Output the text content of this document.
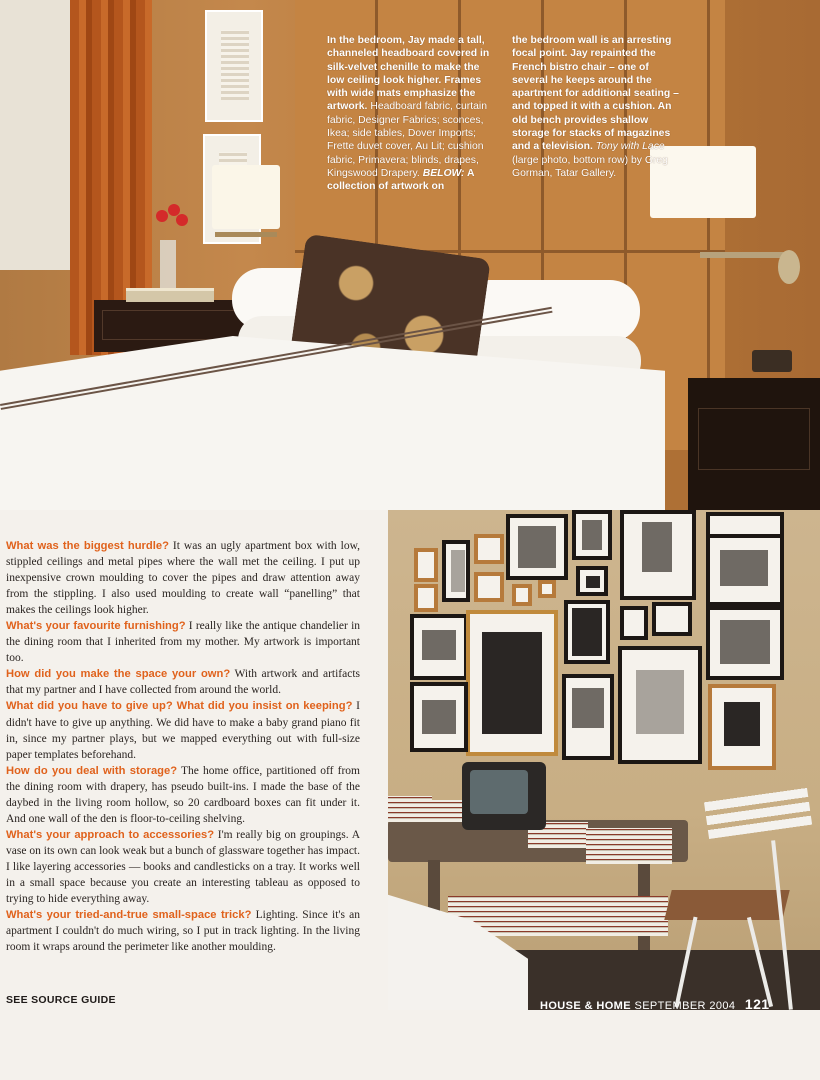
In the bedroom, Jay made a tall, channeled headboard covered in silk-velvet chenille to make the low ceiling look higher. Frames with wide mats emphasize the artwork. Headboard fabric, curtain fabric, Designer Fabrics; sconces, Ikea; side tables, Dover Imports; Frette duvet cover, Au Lit; cushion fabric, Primavera; blinds, drapes, Kingswood Drapery. BELOW: A collection of artwork on
the bedroom wall is an arresting focal point. Jay repainted the French bistro chair – one of several he keeps around the apartment for additional seating – and topped it with a cushion. An old bench provides shallow storage for stacks of magazines and a television. Tony with Lace (large photo, bottom row) by Greg Gorman, Tatar Gallery.

What was the biggest hurdle? It was an ugly apartment box with low, stippled ceilings and metal pipes where the wall met the ceiling. I put up inexpensive crown moulding to cover the pipes and draw attention away from the stippling. I also used moulding to create wall “panelling” that makes the ceilings look higher.

What's your favourite furnishing? I really like the antique chandelier in the dining room that I inherited from my mother. My artwork is important too.

How did you make the space your own? With artwork and artifacts that my partner and I have collected from around the world.

What did you have to give up? What did you insist on keeping? I didn't have to give up anything. We did have to make a baby grand piano fit in, since my partner plays, but we mapped everything out with full-size paper templates beforehand.

How do you deal with storage? The home office, partitioned off from the dining room with drapery, has pseudo built-ins. I made the base of the daybed in the living room hollow, so 20 cardboard boxes can fit under it. And one wall of the den is floor-to-ceiling shelving.

What's your approach to accessories? I'm really big on groupings. A vase on its own can look weak but a bunch of glassware together has impact. I like layering accessories — books and candlesticks on a tray. It works well in a small space because you create an interesting tableau as opposed to trying to hide everything away.

What's your tried-and-true small-space trick? Lighting. Since it's an apartment I couldn't do much wiring, so I put in track lighting. In the living room it wraps around the perimeter like another moulding.

SEE SOURCE GUIDE	HOUSE & HOME SEPTEMBER 2004 121
